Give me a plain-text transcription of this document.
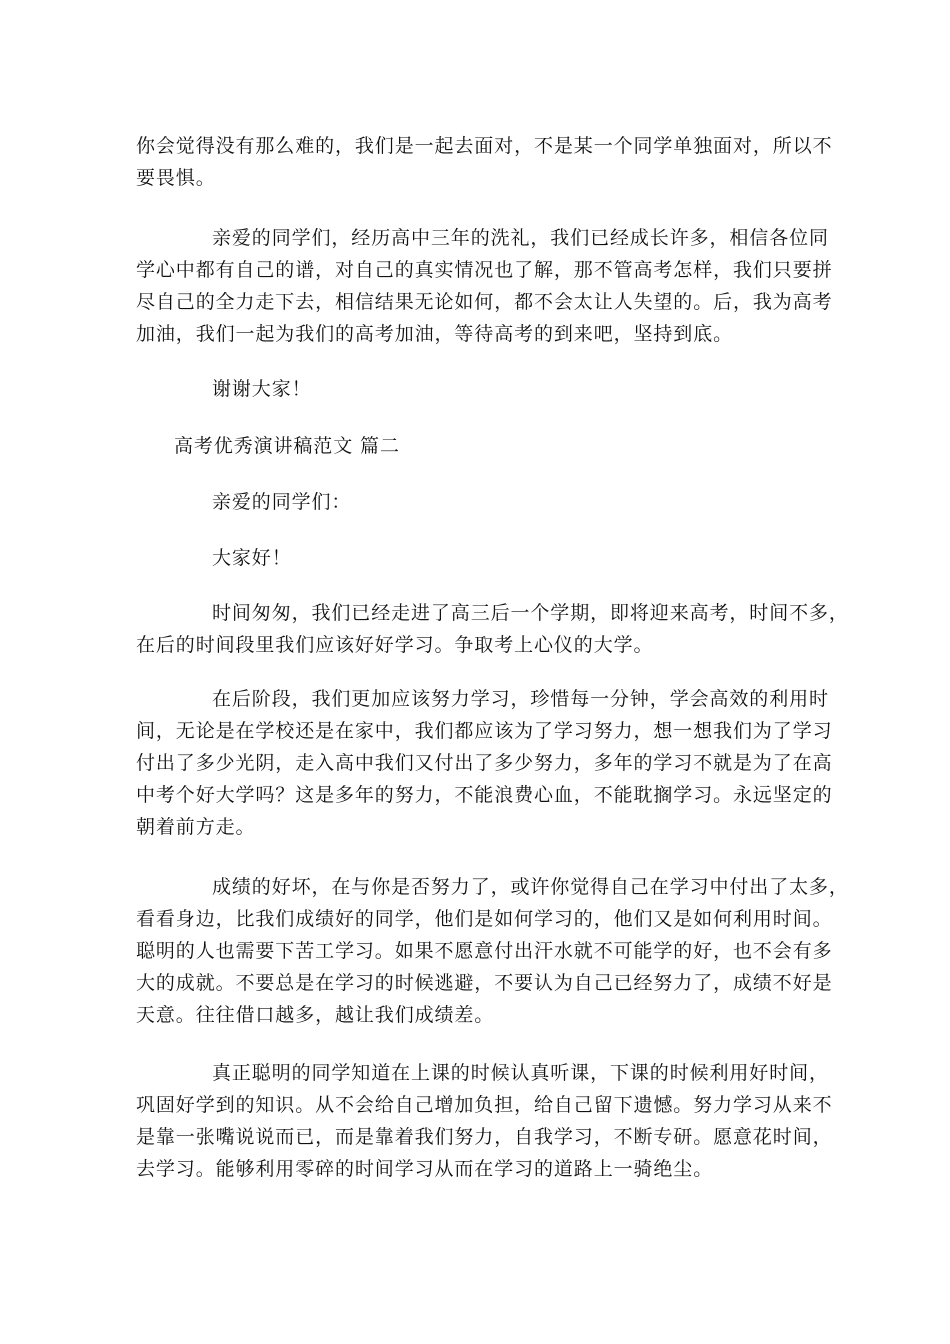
你会觉得没有那么难的，我们是一起去面对，不是某一个同学单独面对，所以不
要畏惧。
亲爱的同学们，经历高中三年的洗礼，我们已经成长许多，相信各位同
学心中都有自己的谱，对自己的真实情况也了解，那不管高考怎样，我们只要拼
尽自己的全力走下去，相信结果无论如何，都不会太让人失望的。后，我为高考
加油，我们一起为我们的高考加油，等待高考的到来吧，坚持到底。
谢谢大家！
高考优秀演讲稿范文 篇二
亲爱的同学们：
大家好！
时间匆匆，我们已经走进了高三后一个学期，即将迎来高考，时间不多，
在后的时间段里我们应该好好学习。争取考上心仪的大学。
在后阶段，我们更加应该努力学习，珍惜每一分钟，学会高效的利用时
间，无论是在学校还是在家中，我们都应该为了学习努力，想一想我们为了学习
付出了多少光阴，走入高中我们又付出了多少努力，多年的学习不就是为了在高
中考个好大学吗？这是多年的努力，不能浪费心血，不能耽搁学习。永远坚定的
朝着前方走。
成绩的好坏，在与你是否努力了，或许你觉得自己在学习中付出了太多，
看看身边，比我们成绩好的同学，他们是如何学习的，他们又是如何利用时间。
聪明的人也需要下苦工学习。如果不愿意付出汗水就不可能学的好，也不会有多
大的成就。不要总是在学习的时候逃避，不要认为自己已经努力了，成绩不好是
天意。往往借口越多，越让我们成绩差。
真正聪明的同学知道在上课的时候认真听课，下课的时候利用好时间，
巩固好学到的知识。从不会给自己增加负担，给自己留下遗憾。努力学习从来不
是靠一张嘴说说而已，而是靠着我们努力，自我学习，不断专研。愿意花时间，
去学习。能够利用零碎的时间学习从而在学习的道路上一骑绝尘。
